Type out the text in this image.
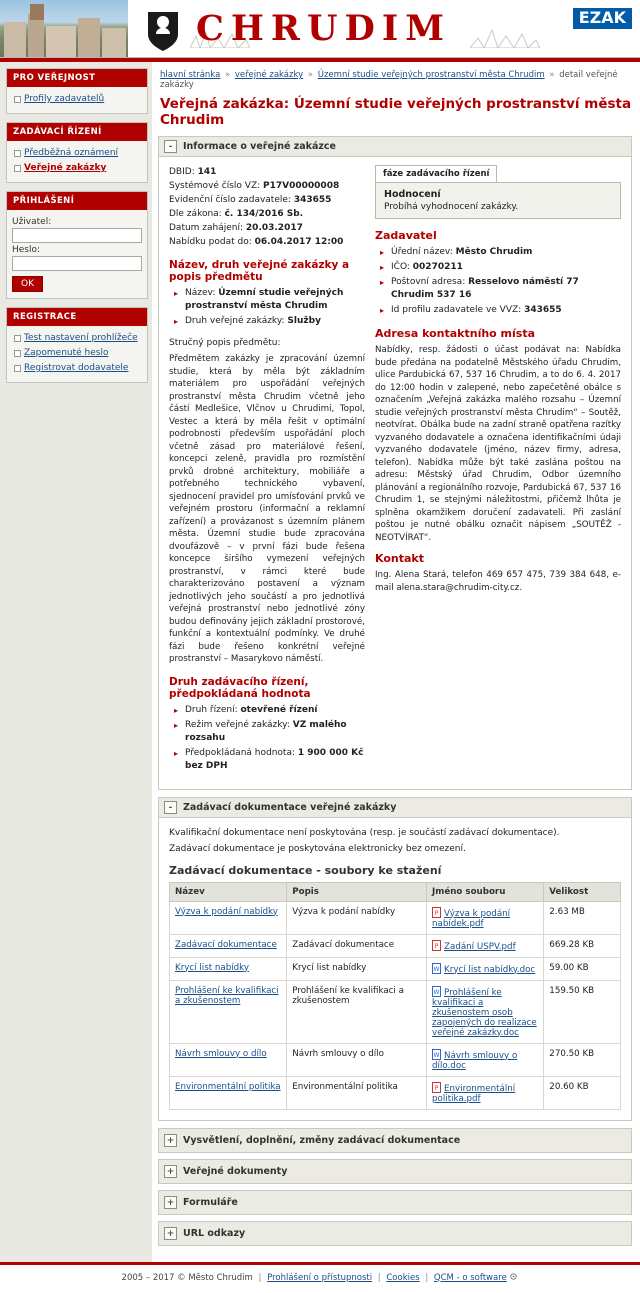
CHRUDIM	EZAK
PRO VEŘEJNOST
Profily zadavatelů
ZADÁVACÍ ŘÍZENÍ
Předběžná oznámení
Veřejné zakázky
PŘIHLÁŠENÍ
Uživatel:
Heslo:
OK
REGISTRACE
Test nastavení prohlížeče
Zapomenuté heslo
Registrovat dodavatele
hlavní stránka » veřejné zakázky » Územní studie veřejných prostranství města Chrudim » detail veřejné zakázky
Veřejná zakázka: Územní studie veřejných prostranství města Chrudim
-	Informace o veřejné zakázce
DBID: 141
Systémové číslo VZ: P17V00000008
Evidenční číslo zadavatele: 343655
Dle zákona: č. 134/2016 Sb.
Datum zahájení: 20.03.2017
Nabídku podat do: 06.04.2017 12:00
Název, druh veřejné zakázky a popis předmětu
▸ Název: Územní studie veřejných prostranství města Chrudim
▸ Druh veřejné zakázky: Služby
Stručný popis předmětu:
Předmětem zakázky je zpracování územní studie, která by měla být základním materiálem pro uspořádání veřejných prostranství města Chrudim včetně jeho částí Medlešice, Vlčnov u Chrudimi, Topol, Vestec a která by měla řešit v optimální podrobnosti především uspořádání ploch včetně zásad pro materiálové řešení, koncepci zeleně, pravidla pro rozmístění prvků drobné architektury, mobiliáře a potřebného technického vybavení, sjednocení pravidel pro umísťování prvků ve veřejném prostoru (informační a reklamní zařízení) a provázanost s územním plánem města. Územní studie bude zpracována dvoufázově – v první fázi bude řešena koncepce širšího vymezení veřejných prostranství, v rámci které bude charakterizováno postavení a význam jednotlivých jeho součástí a pro jednotlivá veřejná prostranství nebo jednotlivé zóny budou definovány jejich základní prostorové, funkční a kontextuální podmínky. Ve druhé fázi bude řešeno konkrétní veřejné prostranství – Masarykovo náměstí.
Druh zadávacího řízení, předpokládaná hodnota
▸ Druh řízení: otevřené řízení
▸ Režim veřejné zakázky: VZ malého rozsahu
▸ Předpokládaná hodnota: 1 900 000 Kč bez DPH
fáze zadávacího řízení
Hodnocení
Probíhá vyhodnocení zakázky.
Zadavatel
▸ Úřední název: Město Chrudim
▸ IČO: 00270211
▸ Poštovní adresa: Resselovo náměstí 77 Chrudim 537 16
▸ Id profilu zadavatele ve VVZ: 343655
Adresa kontaktního místa
Nabídky, resp. žádosti o účast podávat na: Nabídka bude předána na podatelně Městského úřadu Chrudim, ulice Pardubická 67, 537 16 Chrudim, a to do 6. 4. 2017 do 12:00 hodin v zalepené, nebo zapečetěné obálce s označením „Veřejná zakázka malého rozsahu – Územní studie veřejných prostranství města Chrudim“ – Soutěž, neotvírat. Obálka bude na zadní straně opatřena razítky vyzvaného dodavatele a označena identifikačními údaji vyzvaného dodavatele (jméno, název firmy, adresa, telefon). Nabídka může být také zaslána poštou na adresu: Městský úřad Chrudim, Odbor územního plánování a regionálního rozvoje, Pardubická 67, 537 16 Chrudim 1, se stejnými náležitostmi, přičemž lhůta je splněna okamžikem doručení zadavateli. Při zaslání poštou je nutné obálku označit nápisem „SOUTĚŽ - NEOTVÍRAT“.
Kontakt
Ing. Alena Stará, telefon 469 657 475, 739 384 648, e-mail alena.stara@chrudim-city.cz.
-	Zadávací dokumentace veřejné zakázky
Kvalifikační dokumentace není poskytována (resp. je součástí zadávací dokumentace).
Zadávací dokumentace je poskytována elektronicky bez omezení.
Zadávací dokumentace - soubory ke stažení
Název	Popis	Jméno souboru	Velikost
Výzva k podání nabídky	Výzva k podání nabídky	P Výzva k podání nabídek.pdf	2.63 MB
Zadávací dokumentace	Zadávací dokumentace	P Zadání USPV.pdf	669.28 KB
Krycí list nabídky	Krycí list nabídky	W Krycí list nabídky.doc	59.00 KB
Prohlášení ke kvalifikaci a zkušenostem	Prohlášení ke kvalifikaci a zkušenostem	W Prohlášení ke kvalifikaci a zkušenostem osob zapojených do realizace veřejné zakázky.doc	159.50 KB
Návrh smlouvy o dílo	Návrh smlouvy o dílo	W Návrh smlouvy o dílo.doc	270.50 KB
Environmentální politika	Environmentální politika	P Environmentální politika.pdf	20.60 KB
+ Vysvětlení, doplnění, změny zadávací dokumentace
+ Veřejné dokumenty
+ Formuláře
+ URL odkazy
2005 – 2017 © Město Chrudim | Prohlášení o přístupnosti | Cookies | QCM - o software
